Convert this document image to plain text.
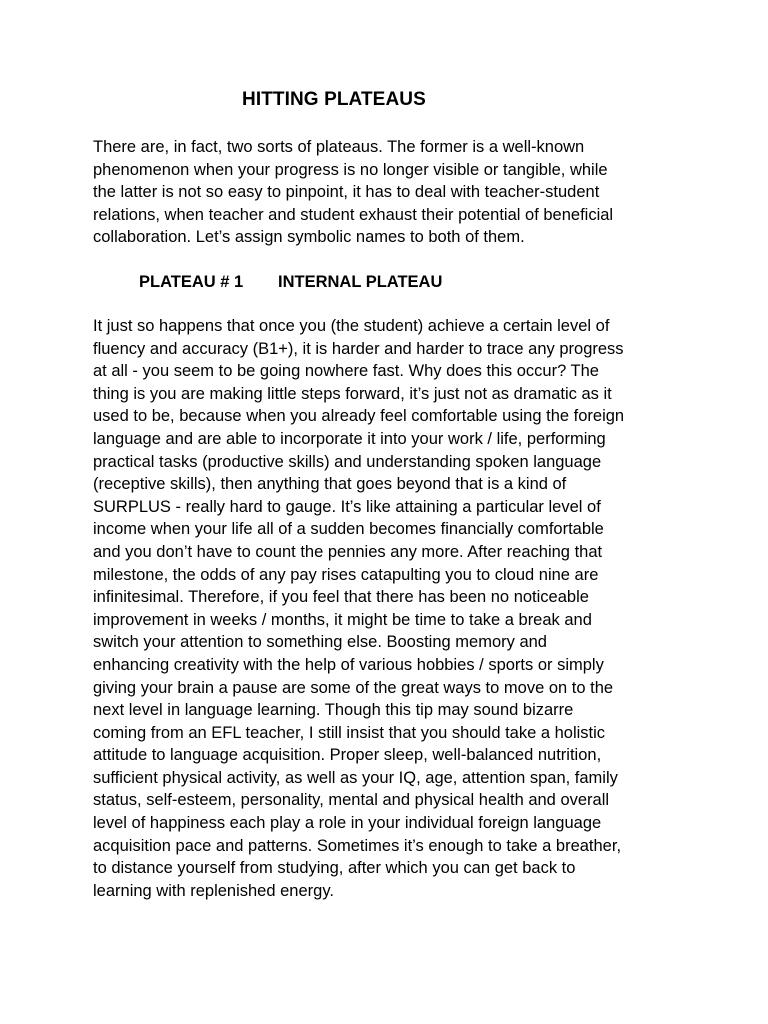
HITTING PLATEAUS
There are, in fact, two sorts of plateaus. The former is a well-known
phenomenon when your progress is no longer visible or tangible, while
the latter is not so easy to pinpoint, it has to deal with teacher-student
relations, when teacher and student exhaust their potential of beneficial
collaboration. Let’s assign symbolic names to both of them.
PLATEAU # 1 INTERNAL PLATEAU
It just so happens that once you (the student) achieve a certain level of
fluency and accuracy (B1+), it is harder and harder to trace any progress
at all - you seem to be going nowhere fast. Why does this occur? The
thing is you are making little steps forward, it’s just not as dramatic as it
used to be, because when you already feel comfortable using the foreign
language and are able to incorporate it into your work / life, performing
practical tasks (productive skills) and understanding spoken language
(receptive skills), then anything that goes beyond that is a kind of
SURPLUS - really hard to gauge. It’s like attaining a particular level of
income when your life all of a sudden becomes financially comfortable
and you don’t have to count the pennies any more. After reaching that
milestone, the odds of any pay rises catapulting you to cloud nine are
infinitesimal. Therefore, if you feel that there has been no noticeable
improvement in weeks / months, it might be time to take a break and
switch your attention to something else. Boosting memory and
enhancing creativity with the help of various hobbies / sports or simply
giving your brain a pause are some of the great ways to move on to the
next level in language learning. Though this tip may sound bizarre
coming from an EFL teacher, I still insist that you should take a holistic
attitude to language acquisition. Proper sleep, well-balanced nutrition,
sufficient physical activity, as well as your IQ, age, attention span, family
status, self-esteem, personality, mental and physical health and overall
level of happiness each play a role in your individual foreign language
acquisition pace and patterns. Sometimes it’s enough to take a breather,
to distance yourself from studying, after which you can get back to
learning with replenished energy.
